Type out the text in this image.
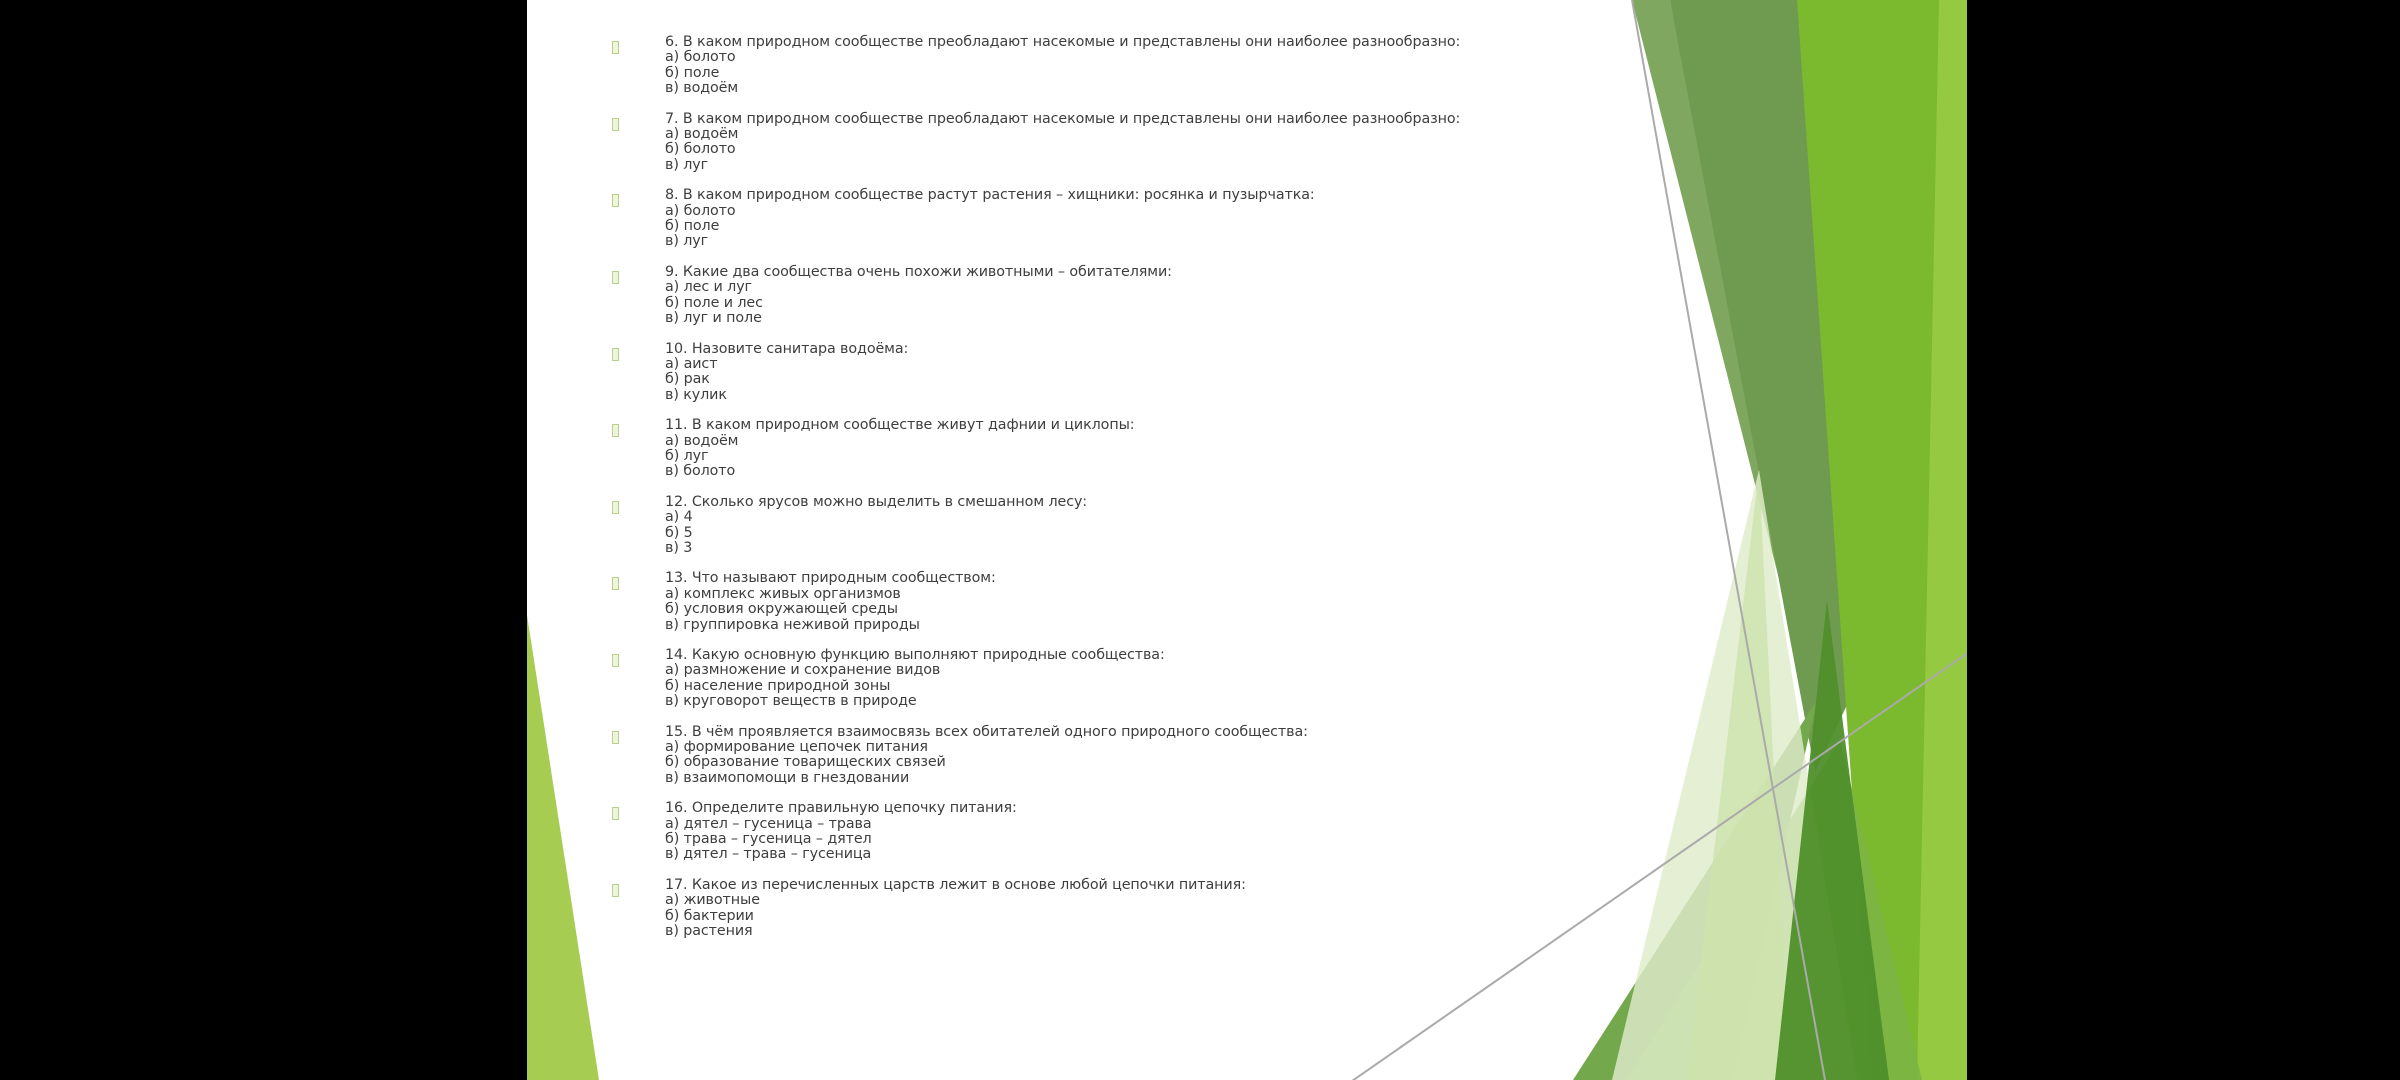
6. В каком природном сообществе преобладают насекомые и представлены они наиболее разнообразно:
а) болото
б) поле
в) водоём
7. В каком природном сообществе преобладают насекомые и представлены они наиболее разнообразно:
а) водоём
б) болото
в) луг
8. В каком природном сообществе растут растения – хищники: росянка и пузырчатка:
а) болото
б) поле
в) луг
9. Какие два сообщества очень похожи животными – обитателями:
а) лес и луг
б) поле и лес
в) луг и поле
10. Назовите санитара водоёма:
а) аист
б) рак
в) кулик
11. В каком природном сообществе живут дафнии и циклопы:
а) водоём
б) луг
в) болото
12. Сколько ярусов можно выделить в смешанном лесу:
а) 4
б) 5
в) 3
13. Что называют природным сообществом:
а) комплекс живых организмов
б) условия окружающей среды
в) группировка неживой природы
14. Какую основную функцию выполняют природные сообщества:
а) размножение и сохранение видов
б) население природной зоны
в) круговорот веществ в природе
15. В чём проявляется взаимосвязь всех обитателей одного природного сообщества:
а) формирование цепочек питания
б) образование товарищеских связей
в) взаимопомощи в гнездовании
16. Определите правильную цепочку питания:
а) дятел – гусеница – трава
б) трава – гусеница – дятел
в) дятел – трава – гусеница
17. Какое из перечисленных царств лежит в основе любой цепочки питания:
а) животные
б) бактерии
в) растения
